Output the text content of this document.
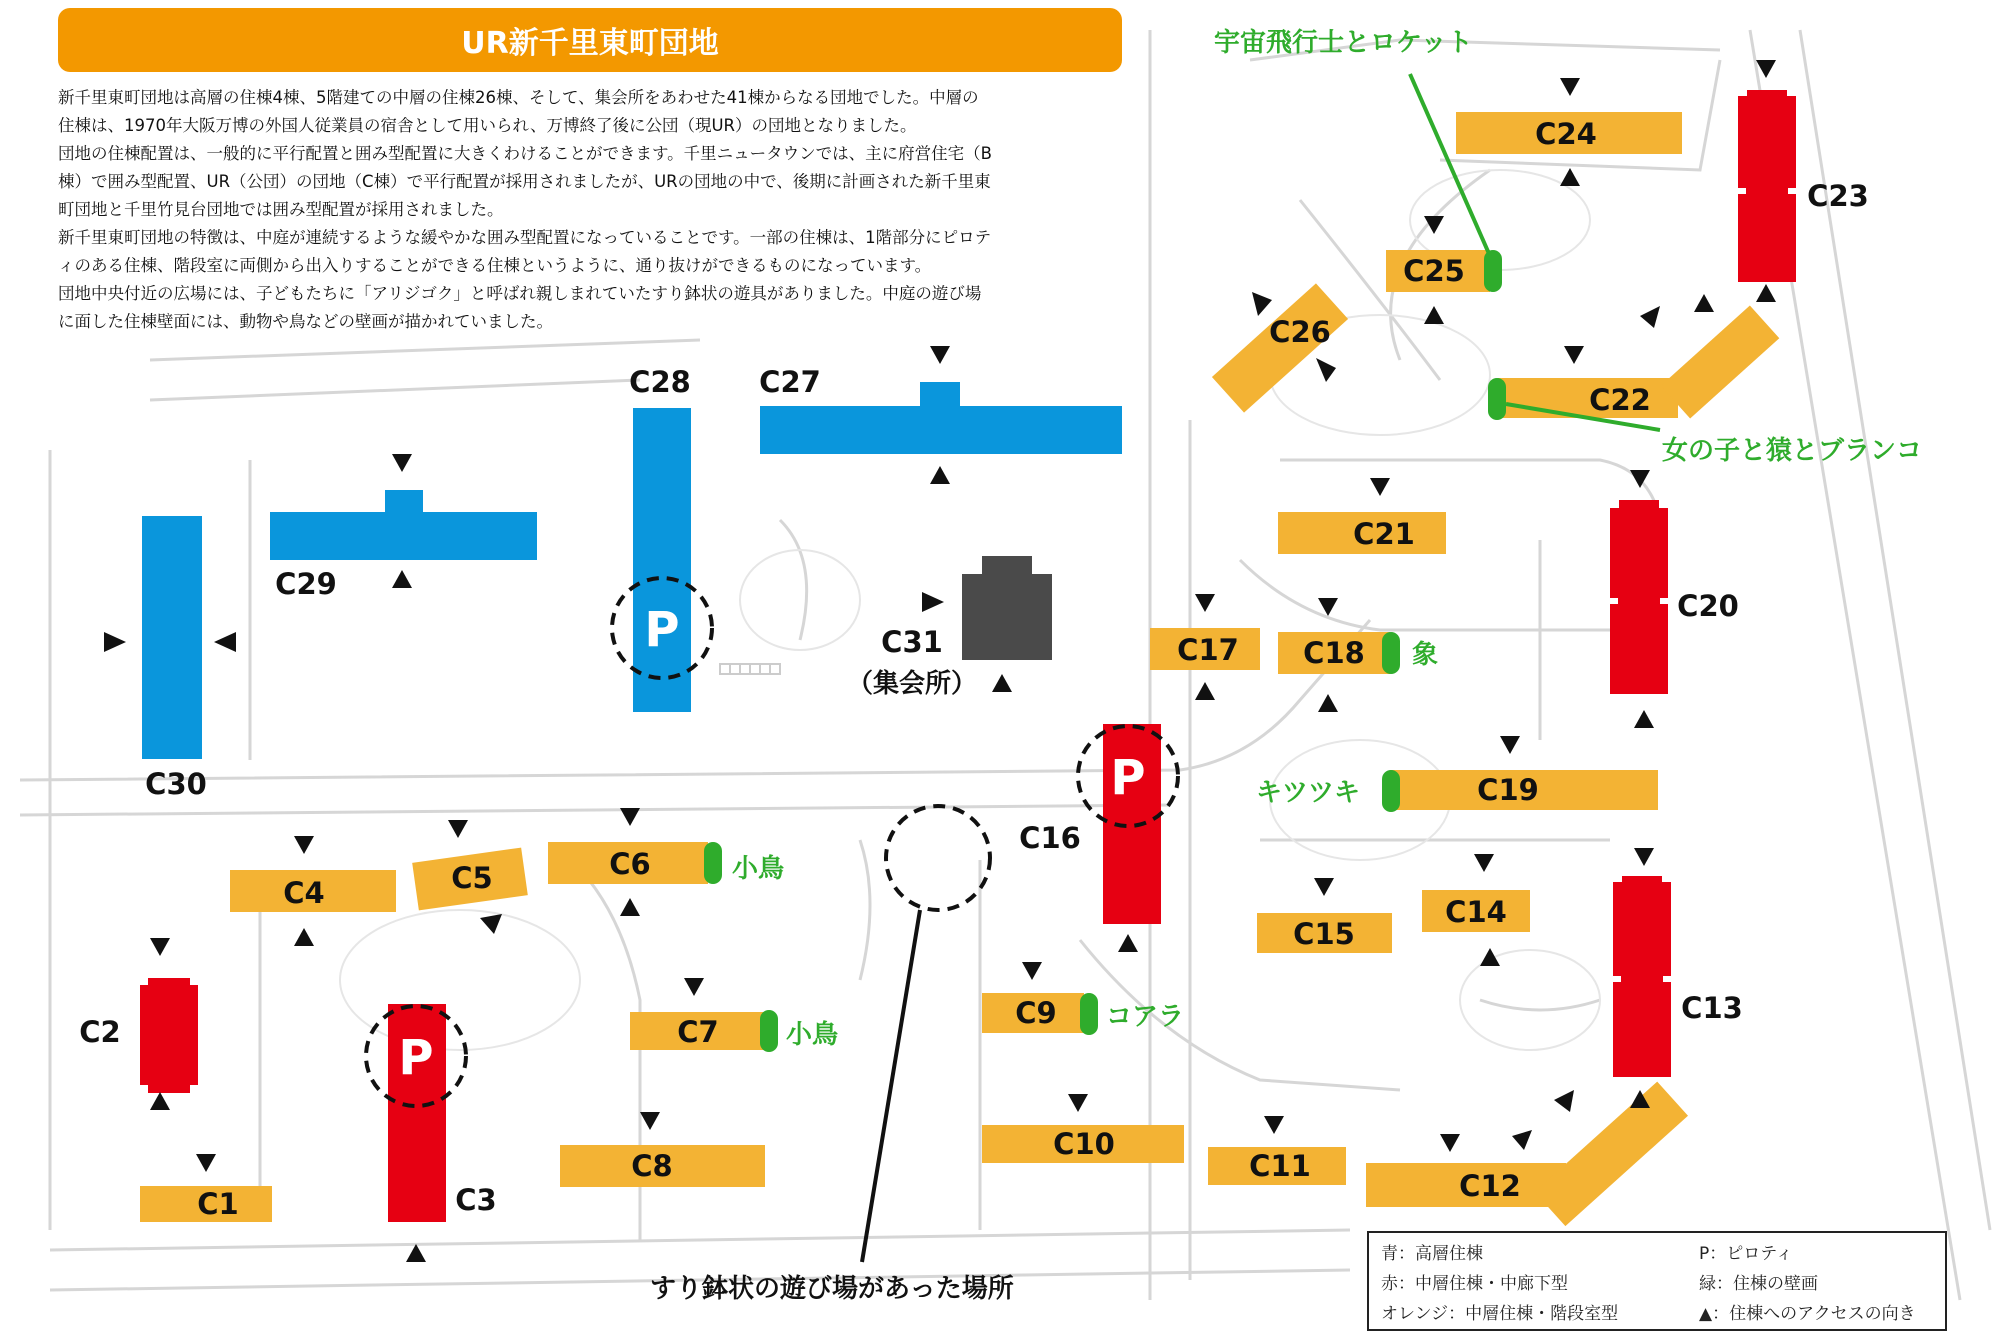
P
P
P
C1
C2
C3
C4	C5	C6
C7
C8
C9
C10
C11
C12
C13
C14
C15
C16
C17 C18
C19
C20
C21
C22
C23
C24
C25
C26
C27
C28
C29
C30
C31
（集会所）
UR新千里東町団地

新千里東町団地は高層の住棟4棟、5階建ての中層の住棟26棟、そして、集会所をあわせた41棟からなる団地でした。中層の

住棟は、1970年大阪万博の外国人従業員の宿舎として用いられ、万博終了後に公団（現UR）の団地となりました。

団地の住棟配置は、一般的に平行配置と囲み型配置に大きくわけることができます。千里ニュータウンでは、主に府営住宅（B

棟）で囲み型配置、UR（公団）の団地（C棟）で平行配置が採用されましたが、URの団地の中で、後期に計画された新千里東

町団地と千里竹見台団地では囲み型配置が採用されました。

新千里東町団地の特徴は、中庭が連続するような緩やかな囲み型配置になっていることです。一部の住棟は、1階部分にピロテ

ィのある住棟、階段室に両側から出入りすることができる住棟というように、通り抜けができるものになっています。

団地中央付近の広場には、子どもたちに「アリジゴク」と呼ばれ親しまれていたすり鉢状の遊具がありました。中庭の遊び場

に面した住棟壁面には、動物や鳥などの壁画が描かれていました。

宇宙飛行士とロケット
女の子と猿とブランコ
象
キツツキ
小鳥
小鳥
コアラ
すり鉢状の遊び場があった場所
青：高層住棟
赤：中層住棟・中廊下型
オレンジ：中層住棟・階段室型
P：ピロティ
緑：住棟の壁画
▲：住棟へのアクセスの向き
